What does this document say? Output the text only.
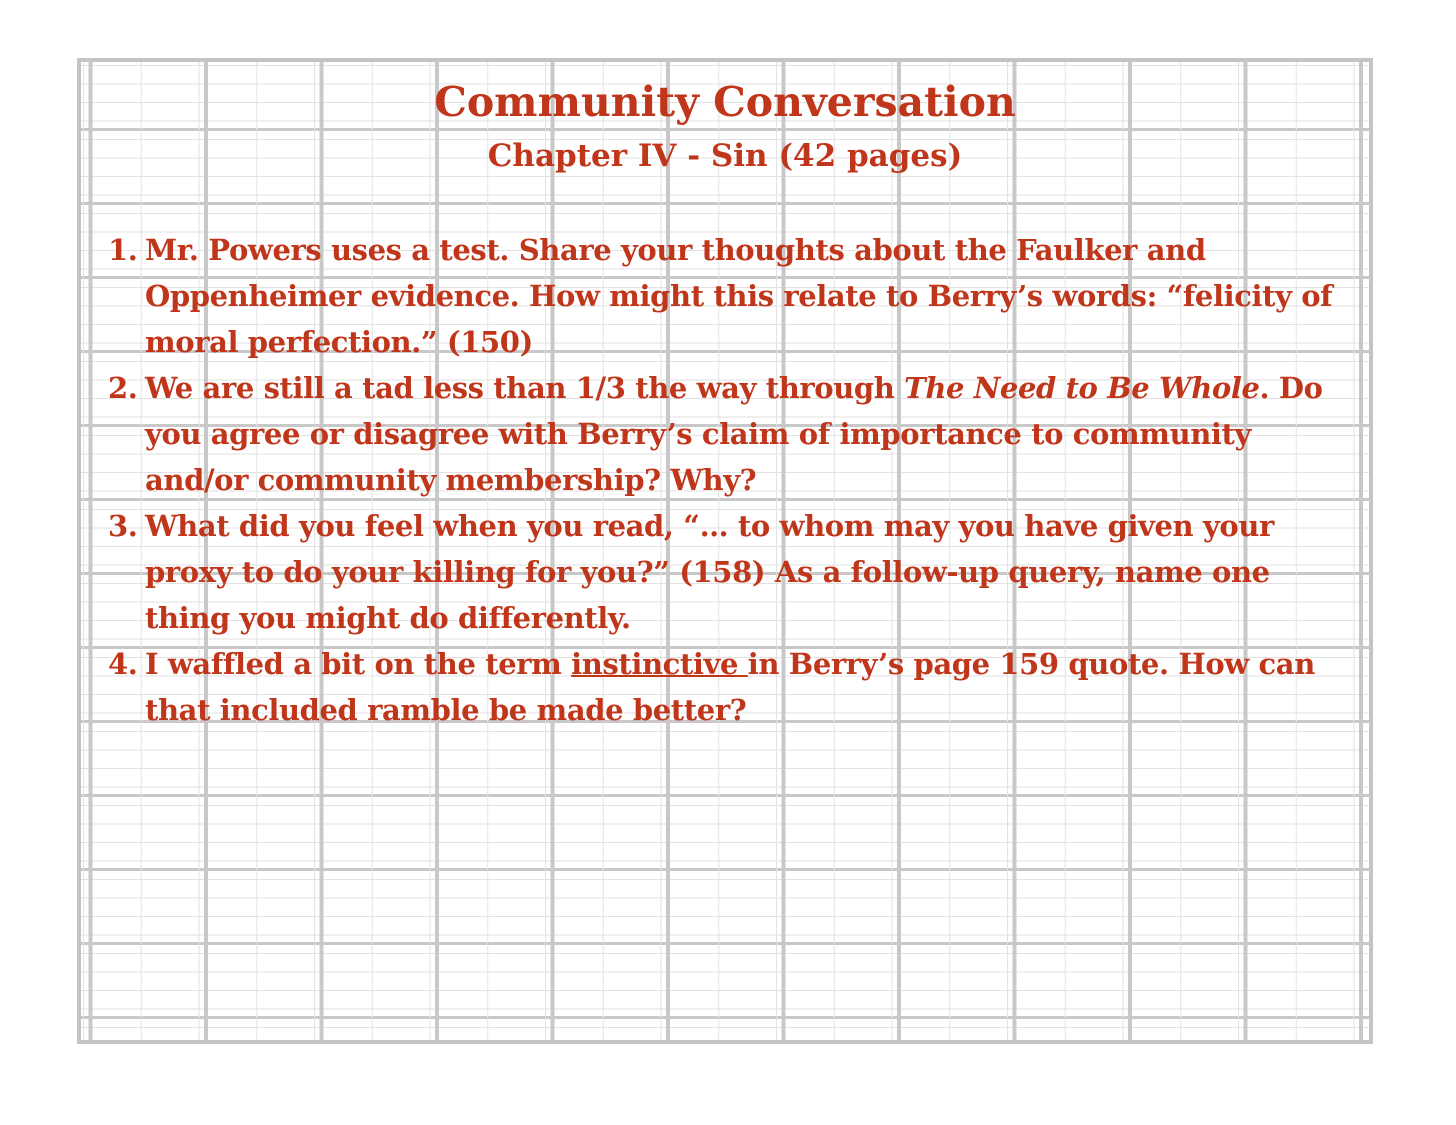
Community Conversation
Chapter IV - Sin (42 pages)
1. Mr. Powers uses a test. Share your thoughts about the Faulker and Oppenheimer evidence. How might this relate to Berry’s words: “felicity of moral perfection.” (150)
2. We are still a tad less than 1/3 the way through The Need to Be Whole. Do you agree or disagree with Berry’s claim of importance to community and/or community membership? Why?
3. What did you feel when you read, “… to whom may you have given your proxy to do your killing for you?” (158) As a follow-up query, name one thing you might do differently.
4. I waffled a bit on the term instinctive in Berry’s page 159 quote. How can that included ramble be made better?
